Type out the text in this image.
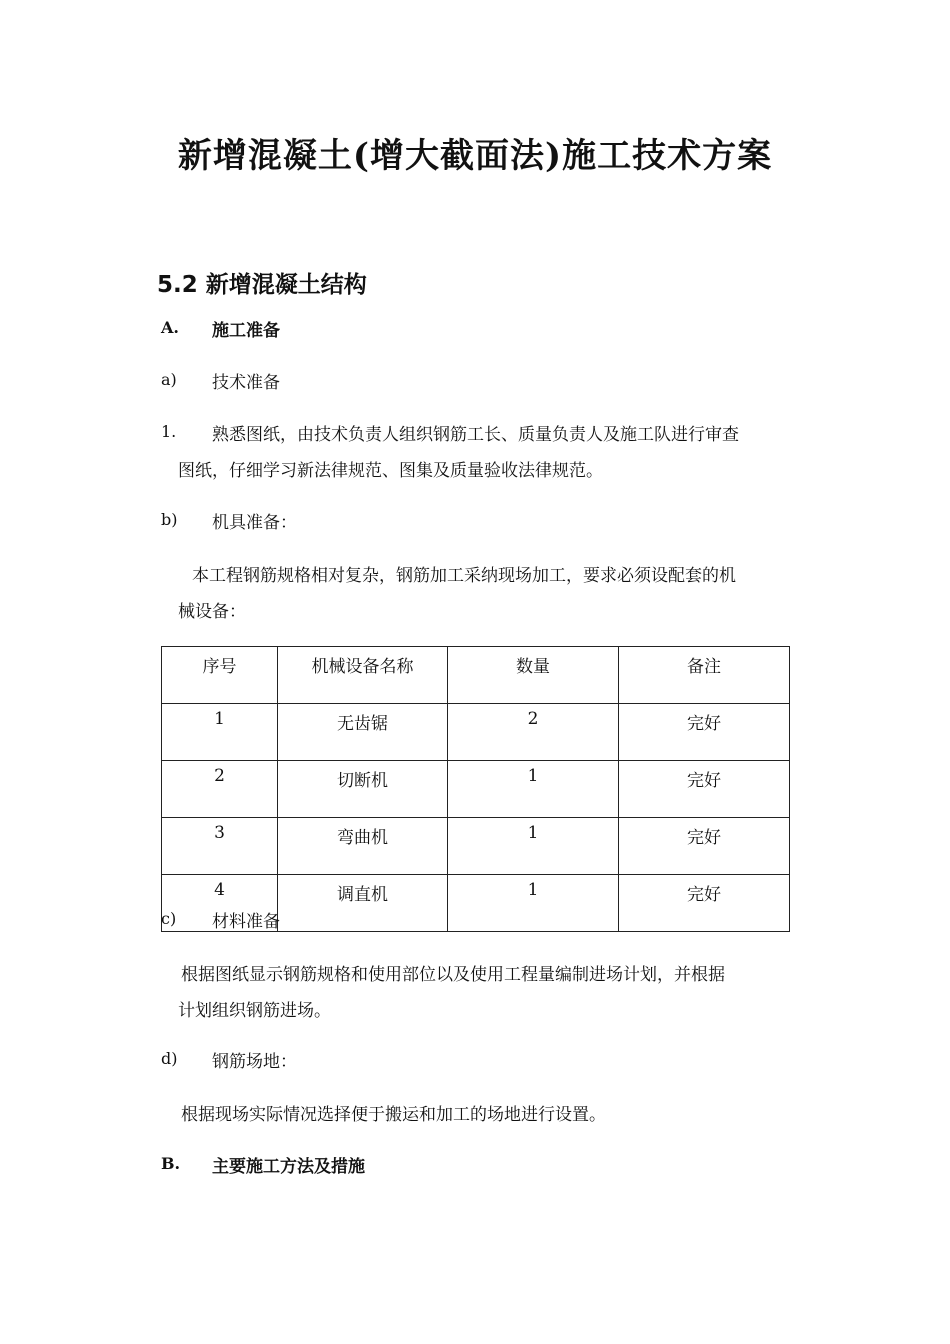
新增混凝土(增大截面法)施工技术方案
5.2 新增混凝土结构
A. 施工准备
a) 技术准备
1. 熟悉图纸，由技术负责人组织钢筋工长、质量负责人及施工队进行审查
图纸，仔细学习新法律规范、图集及质量验收法律规范。
b) 机具准备：
本工程钢筋规格相对复杂，钢筋加工采纳现场加工，要求必须设配套的机
械设备：
序号	机械设备名称	数量	备注
1	无齿锯	2	完好
2	切断机	1	完好
3	弯曲机	1	完好
4	调直机	1	完好
c) 材料准备
根据图纸显示钢筋规格和使用部位以及使用工程量编制进场计划，并根据
计划组织钢筋进场。
d) 钢筋场地：
根据现场实际情况选择便于搬运和加工的场地进行设置。
B. 主要施工方法及措施
